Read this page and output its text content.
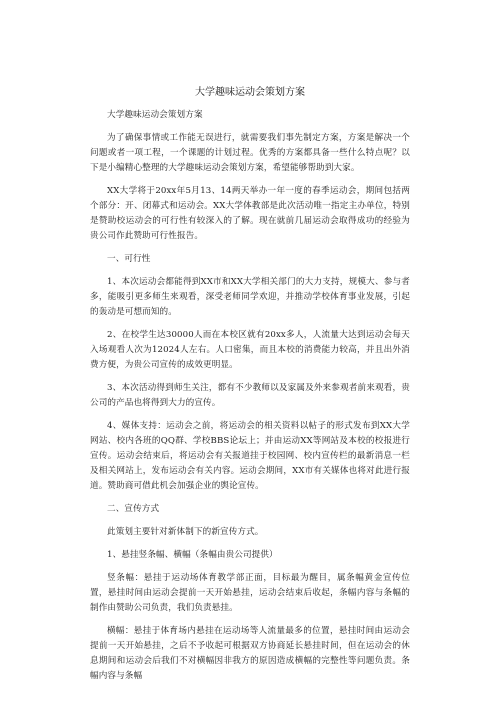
大学趣味运动会策划方案

大学趣味运动会策划方案

为了确保事情或工作能无误进行，就需要我们事先制定方案，方案是解决一个问题或者一项工程，一个课题的计划过程。优秀的方案都具备一些什么特点呢？以下是小编精心整理的大学趣味运动会策划方案，希望能够帮助到大家。

XX大学将于20xx年5月13、14两天举办一年一度的春季运动会，期间包括两个部分：开、闭幕式和运动会。XX大学体教部是此次活动唯一指定主办单位，特别是赞助校运动会的可行性有较深入的了解。现在就前几届运动会取得成功的经验为贵公司作此赞助可行性报告。

一、可行性

1、本次运动会都能得到XX市和XX大学相关部门的大力支持，规模大、参与者多，能吸引更多师生来观看，深受老师同学欢迎，并推动学校体育事业发展，引起的轰动是可想而知的。

2、在校学生达30000人而在本校区就有20xx多人，人流量大达到运动会每天入场观看人次为12024人左右。人口密集，而且本校的消费能力较高，并且出外消费方便，为贵公司宣传的成效更明显。

3、本次活动得到师生关注，都有不少教师以及家属及外来参观者前来观看，贵公司的产品也将得到大力的宣传。

4、媒体支持：运动会之前，将运动会的相关资料以帖子的形式发布到XX大学网站、校内各班的QQ群、学校BBS论坛上；并由运动XX等网站及本校的校报进行宣传。运动会结束后，将运动会有关报道挂于校园网、校内宣传栏的最新消息一栏及相关网站上，发布运动会有关内容。运动会期间，XX市有关媒体也将对此进行报道。赞助商可借此机会加强企业的舆论宣传。

二、宣传方式

此策划主要针对新体制下的新宣传方式。

1、悬挂竖条幅、横幅（条幅由贵公司提供）

竖条幅：悬挂于运动场体育教学部正面，目标最为醒目，属条幅黄金宣传位置，悬挂时间由运动会提前一天开始悬挂，运动会结束后收起，条幅内容与条幅的制作由赞助公司负责，我们负责悬挂。

横幅：悬挂于体育场内悬挂在运动场等人流量最多的位置，悬挂时间由运动会提前一天开始悬挂，之后不予收起可根据双方协商延长悬挂时间，但在运动会的休息期间和运动会后我们不对横幅因非我方的原因造成横幅的完整性等问题负责。条幅内容与条幅
